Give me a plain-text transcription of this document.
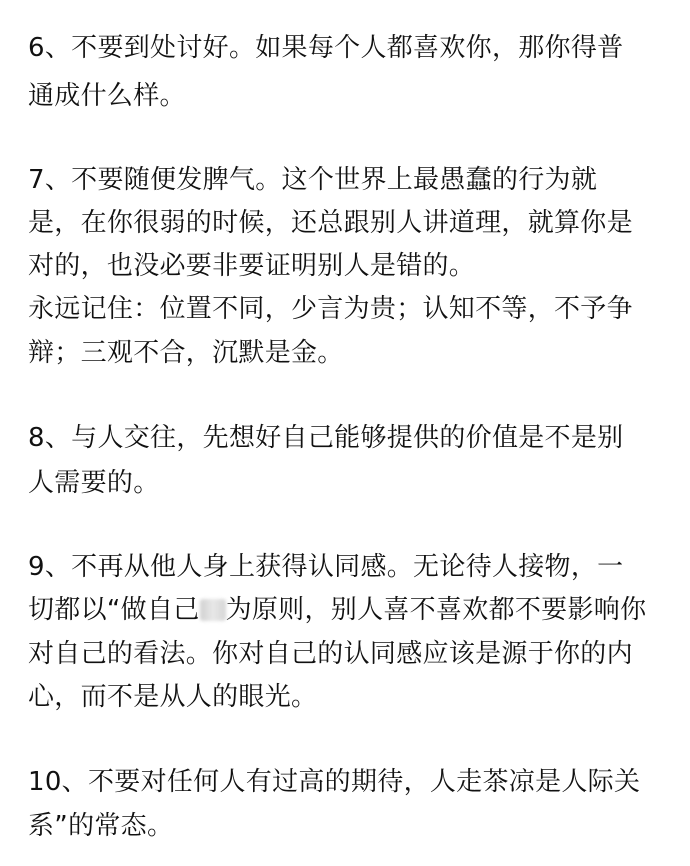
6、不要到处讨好。如果每个人都喜欢你，那你得普
通成什么样。
7、不要随便发脾气。这个世界上最愚蠢的行为就
是，在你很弱的时候，还总跟别人讲道理，就算你是
对的，也没必要非要证明别人是错的。
永远记住：位置不同，少言为贵；认知不等，不予争
辩；三观不合，沉默是金。
8、与人交往，先想好自己能够提供的价值是不是别
人需要的。
9、不再从他人身上获得认同感。无论待人接物，一
切都以“做自己 为原则，别人喜不喜欢都不要影响你
对自己的看法。你对自己的认同感应该是源于你的内
心，而不是从人的眼光。
10、不要对任何人有过高的期待，人走茶凉是人际关
系”的常态。
